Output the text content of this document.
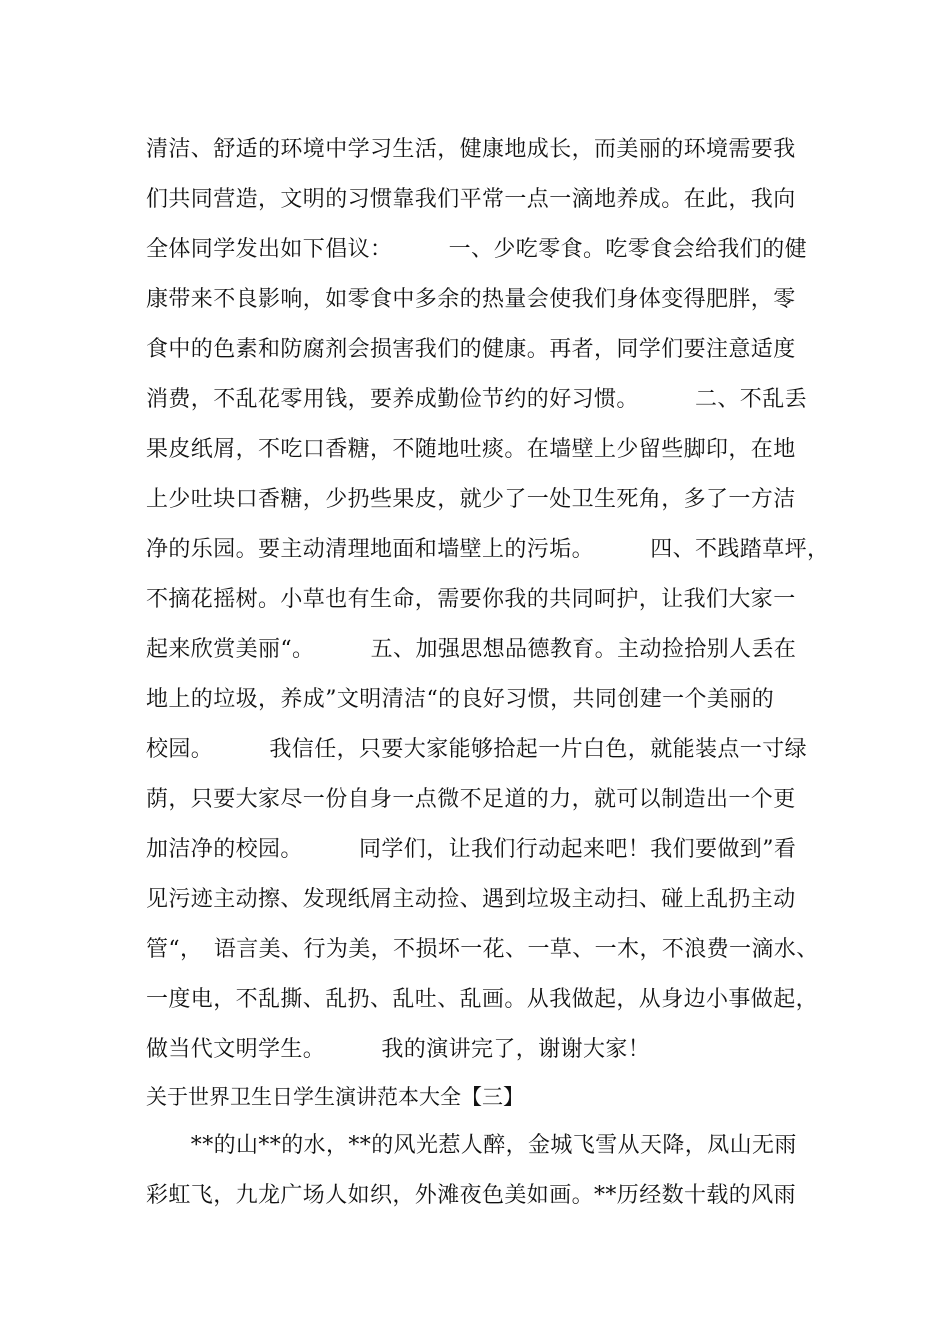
清洁、舒适的环境中学习生活，健康地成长，而美丽的环境需要我
们共同营造，文明的习惯靠我们平常一点一滴地养成。在此，我向
全体同学发出如下倡议：　　　一、少吃零食。吃零食会给我们的健
康带来不良影响，如零食中多余的热量会使我们身体变得肥胖，零
食中的色素和防腐剂会损害我们的健康。再者，同学们要注意适度
消费，不乱花零用钱，要养成勤俭节约的好习惯。　　　二、不乱丢
果皮纸屑，不吃口香糖，不随地吐痰。在墙壁上少留些脚印，在地
上少吐块口香糖，少扔些果皮，就少了一处卫生死角，多了一方洁
净的乐园。要主动清理地面和墙壁上的污垢。　　　四、不践踏草坪，
不摘花摇树。小草也有生命，需要你我的共同呵护，让我们大家一
起来欣赏美丽“。　　　五、加强思想品德教育。主动捡拾别人丢在
地上的垃圾，养成”文明清洁“的良好习惯，共同创建一个美丽的
校园。　　　我信任，只要大家能够拾起一片白色，就能装点一寸绿
荫，只要大家尽一份自身一点微不足道的力，就可以制造出一个更
加洁净的校园。　　　同学们，让我们行动起来吧！我们要做到”看
见污迹主动擦、发现纸屑主动捡、遇到垃圾主动扫、碰上乱扔主动
管“，　语言美、行为美，不损坏一花、一草、一木，不浪费一滴水、
一度电，不乱撕、乱扔、乱吐、乱画。从我做起，从身边小事做起，
做当代文明学生。　　　我的演讲完了，谢谢大家！
关于世界卫生日学生演讲范本大全【三】
　　**的山**的水，**的风光惹人醉，金城飞雪从天降，凤山无雨
彩虹飞，九龙广场人如织，外滩夜色美如画。**历经数十载的风雨
